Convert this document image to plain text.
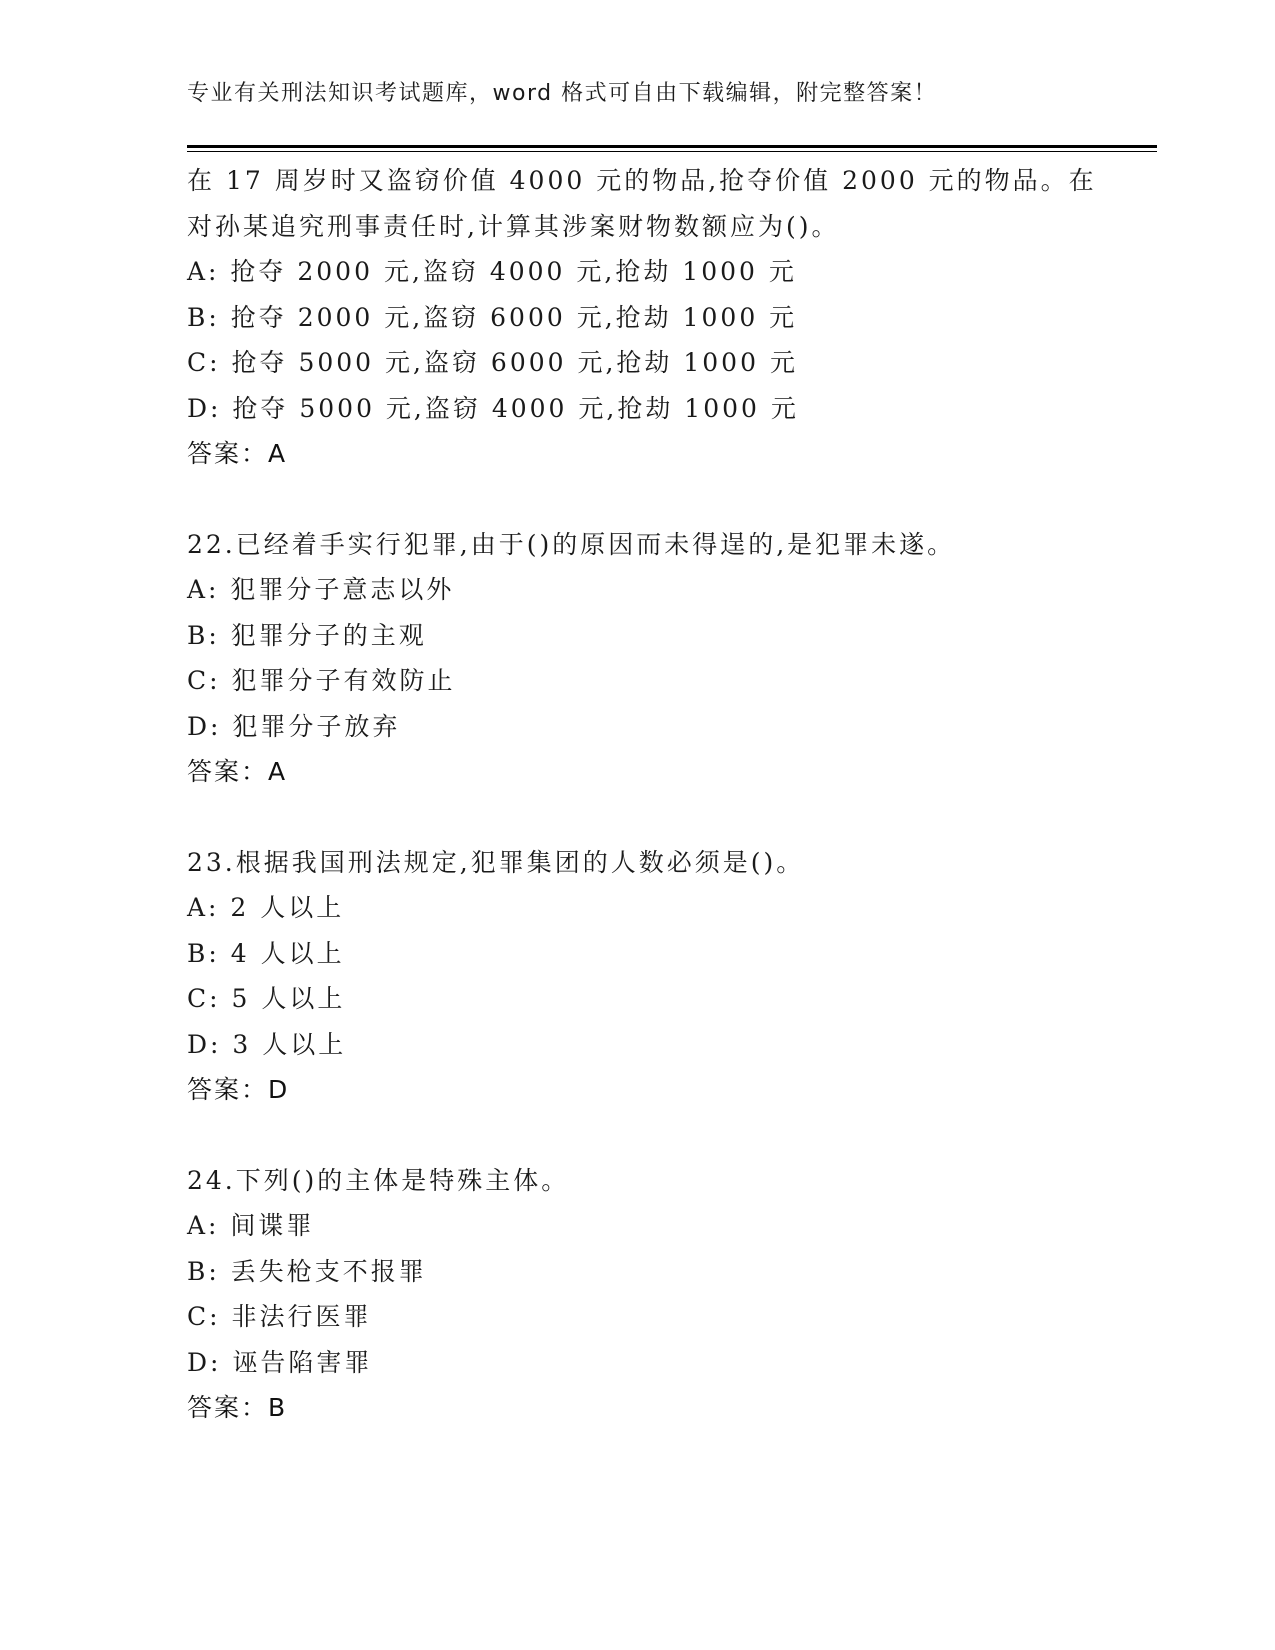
专业有关刑法知识考试题库，word 格式可自由下载编辑，附完整答案！
在 17 周岁时又盗窃价值 4000 元的物品,抢夺价值 2000 元的物品。在
对孙某追究刑事责任时,计算其涉案财物数额应为()。
A: 抢夺 2000 元,盗窃 4000 元,抢劫 1000 元
B: 抢夺 2000 元,盗窃 6000 元,抢劫 1000 元
C: 抢夺 5000 元,盗窃 6000 元,抢劫 1000 元
D: 抢夺 5000 元,盗窃 4000 元,抢劫 1000 元
答案：A
22.已经着手实行犯罪,由于()的原因而未得逞的,是犯罪未遂。
A: 犯罪分子意志以外
B: 犯罪分子的主观
C: 犯罪分子有效防止
D: 犯罪分子放弃
答案：A
23.根据我国刑法规定,犯罪集团的人数必须是()。
A: 2 人以上
B: 4 人以上
C: 5 人以上
D: 3 人以上
答案：D
24.下列()的主体是特殊主体。
A: 间谍罪
B: 丢失枪支不报罪
C: 非法行医罪
D: 诬告陷害罪
答案：B
